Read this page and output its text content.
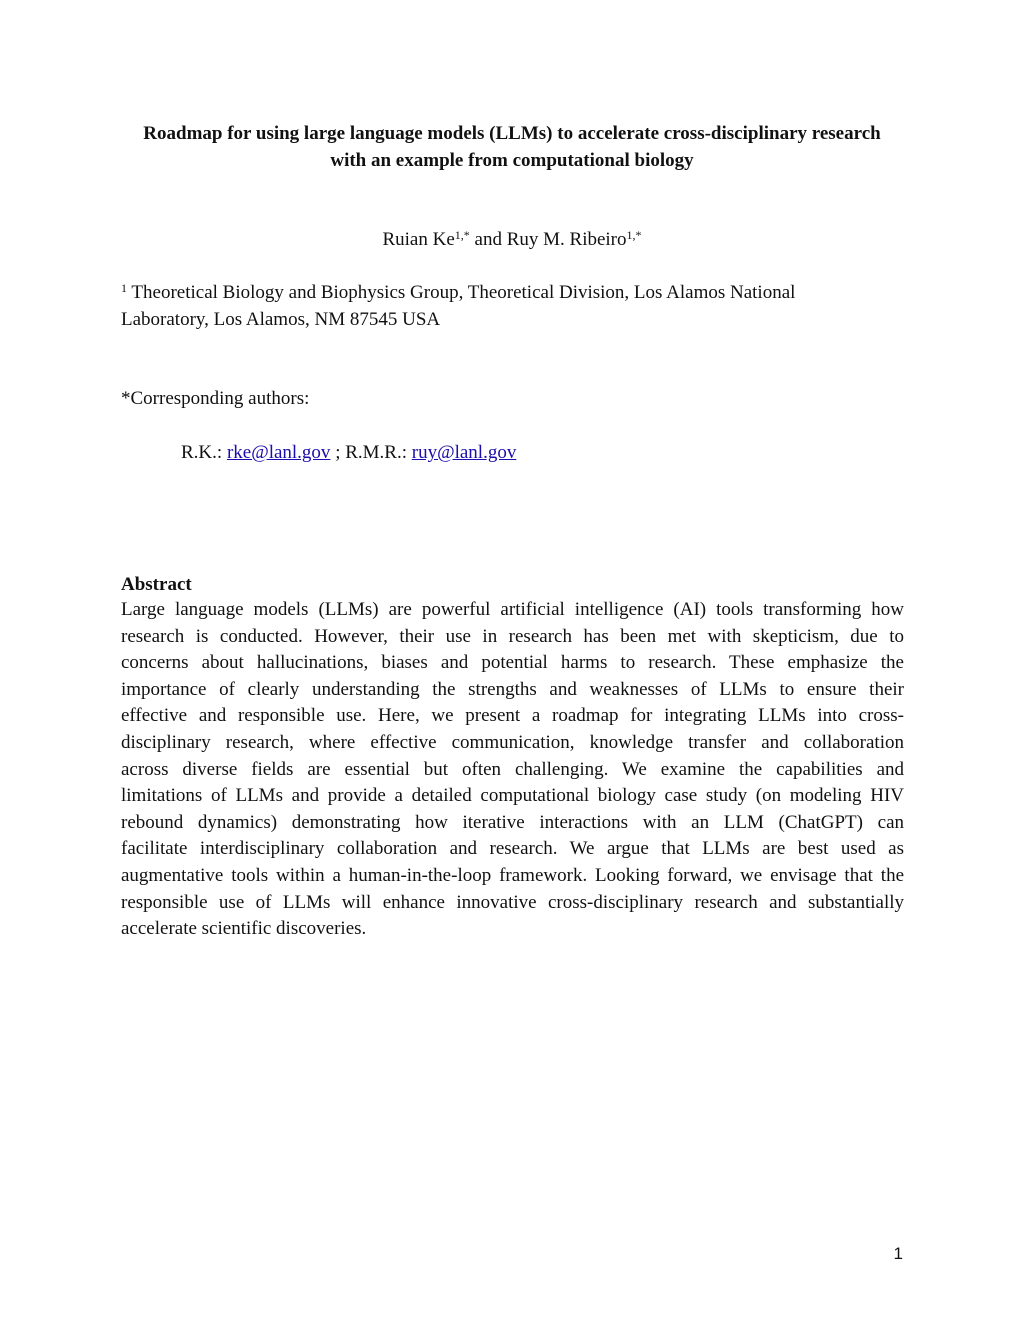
Roadmap for using large language models (LLMs) to accelerate cross-disciplinary research
with an example from computational biology
Ruian $Ke^{1,*}$ and Ruy M. Ribeiro$^{1,*}$
$^1$ Theoretical Biology and Biophysics Group, Theoretical Division, Los Alamos National Laboratory, Los Alamos, NM 87545 USA
*Corresponding authors:
R.K.: rke@lanl.gov ; R.M.R.: ruy@lanl.gov
Abstract
Large language models (LLMs) are powerful artificial intelligence (AI) tools transforming how
research is conducted. However, their use in research has been met with skepticism, due to
concerns about hallucinations, biases and potential harms to research. These emphasize the
importance of clearly understanding the strengths and weaknesses of LLMs to ensure their
effective and responsible use. Here, we present a roadmap for integrating LLMs into cross-
disciplinary research, where effective communication, knowledge transfer and collaboration
across diverse fields are essential but often challenging. We examine the capabilities and
limitations of LLMs and provide a detailed computational biology case study (on modeling HIV
rebound dynamics) demonstrating how iterative interactions with an LLM (ChatGPT) can
facilitate interdisciplinary collaboration and research. We argue that LLMs are best used as
augmentative tools within a human-in-the-loop framework. Looking forward, we envisage that the
responsible use of LLMs will enhance innovative cross-disciplinary research and substantially
accelerate scientific discoveries.
1
